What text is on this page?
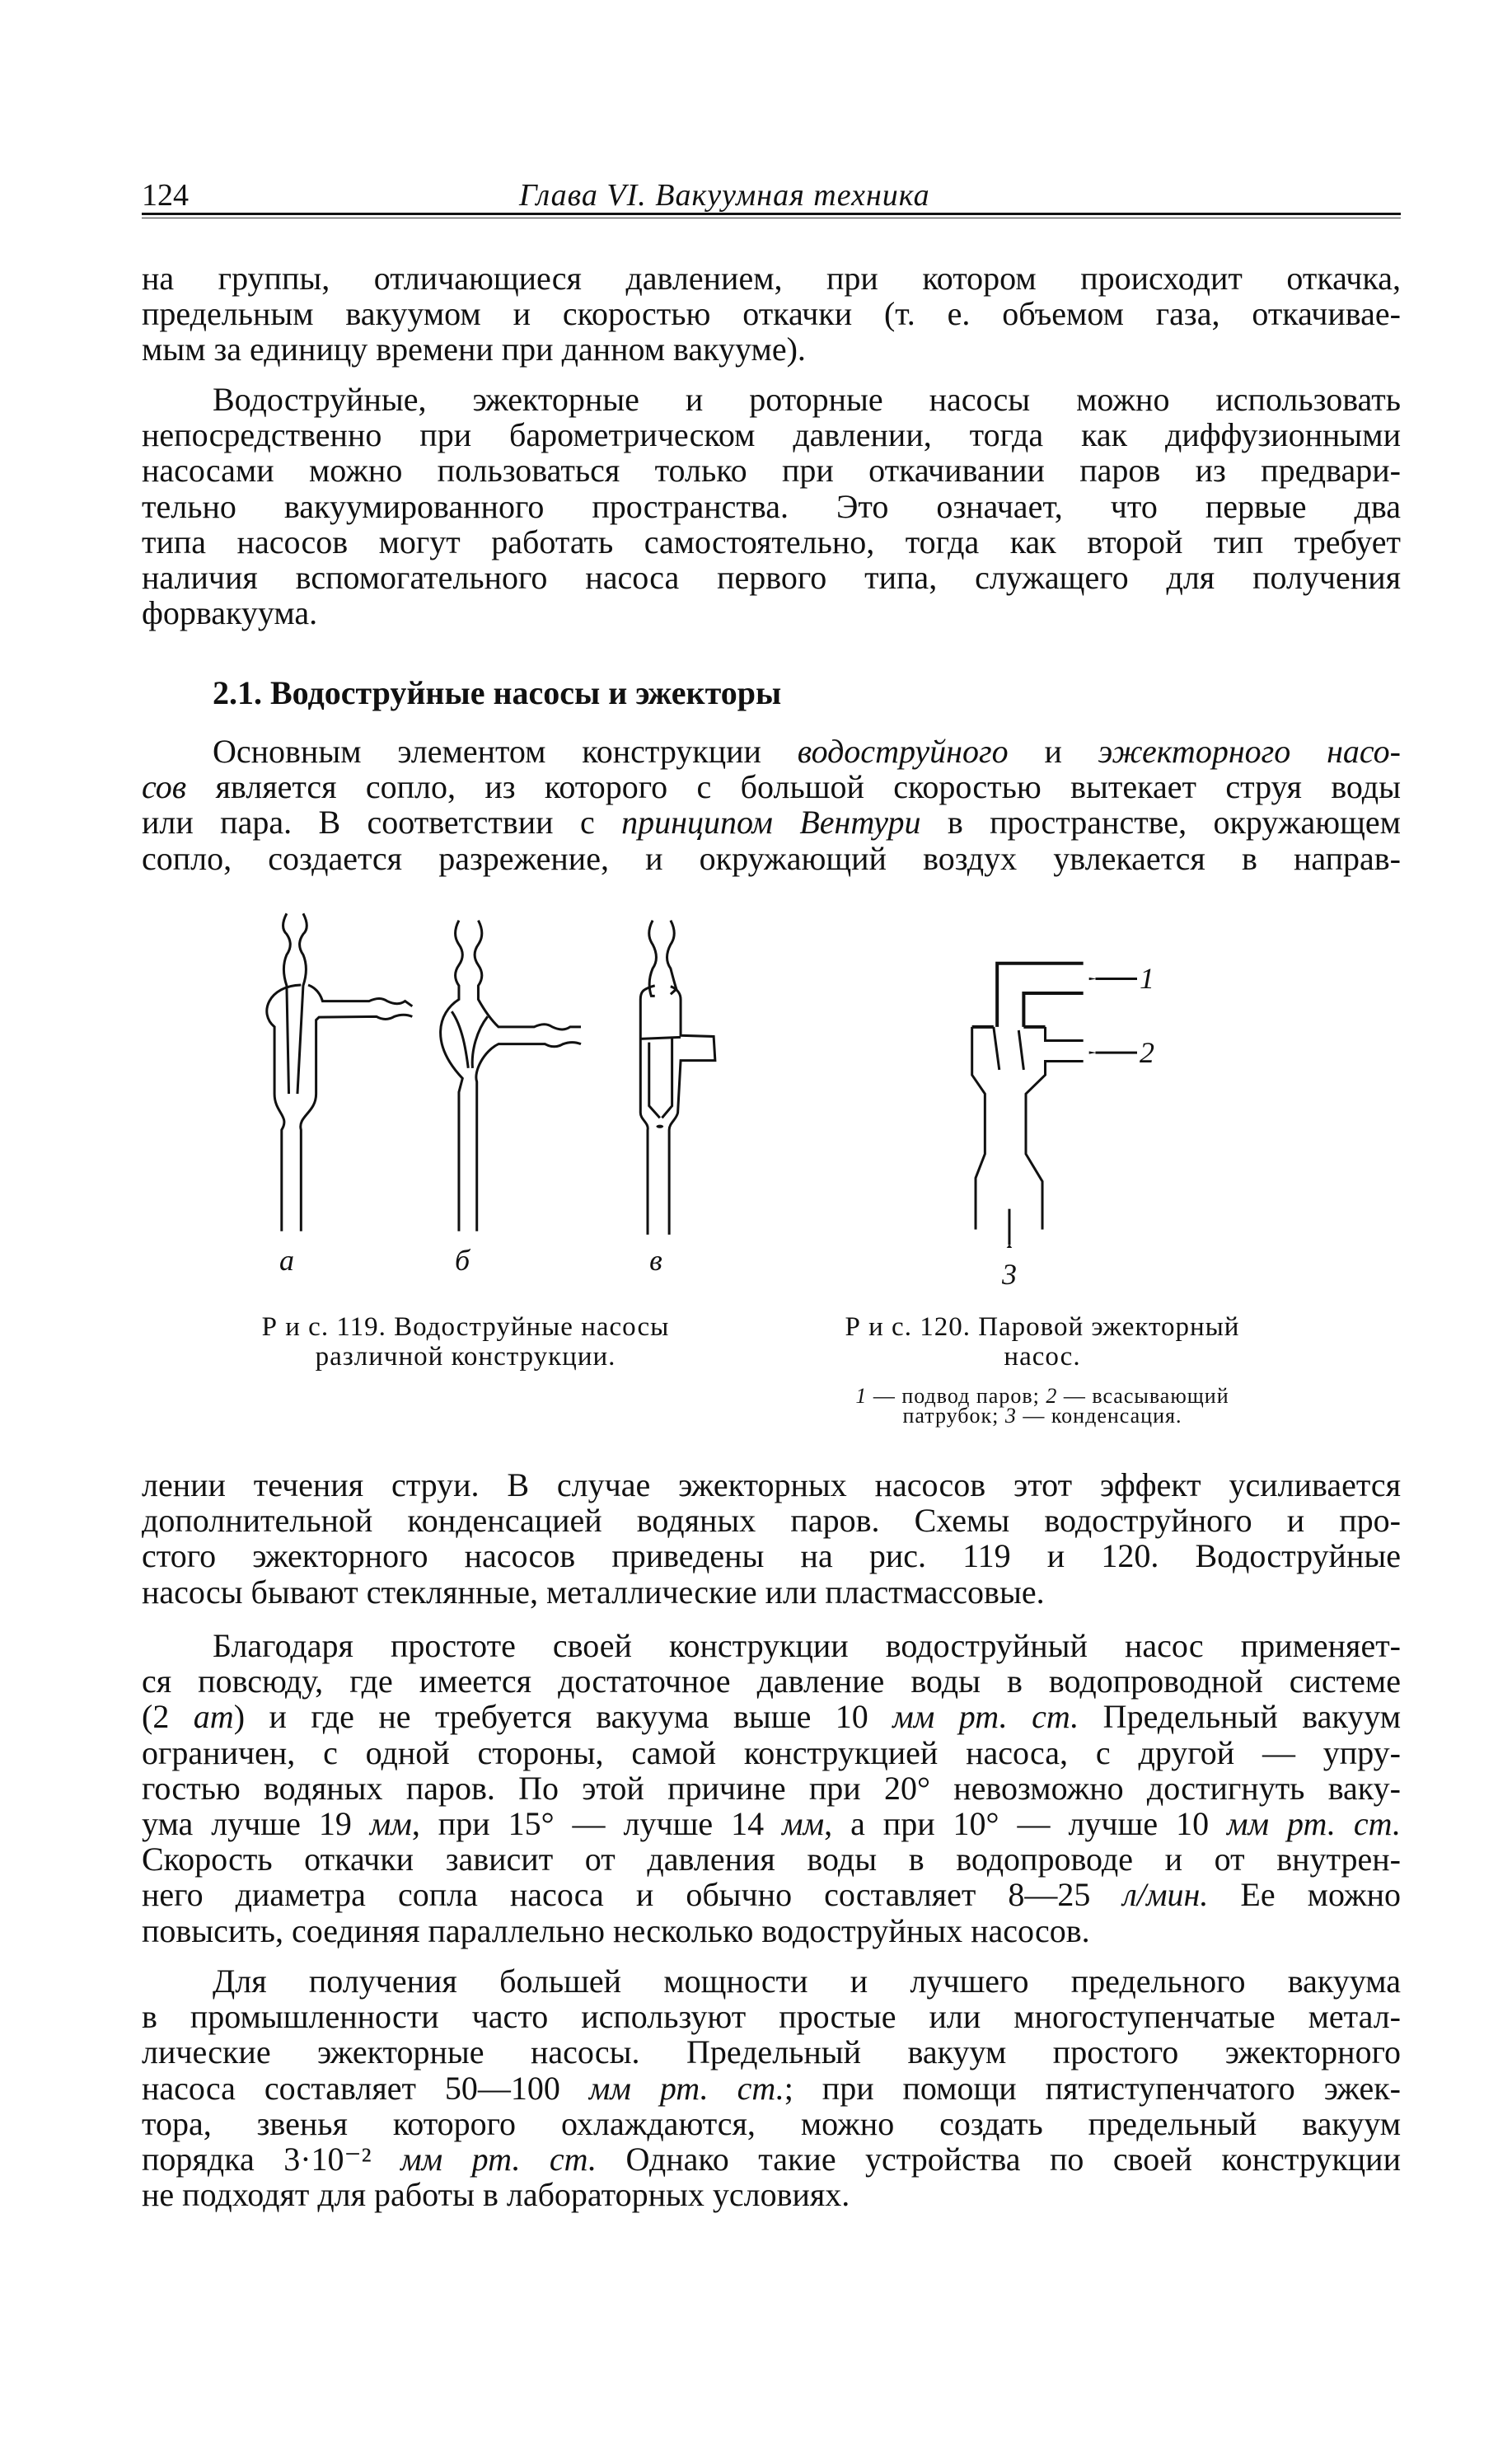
124	Глава VI. Вакуумная техника
на группы, отличающиеся давлением, при котором происходит откачка,
предельным вакуумом и скоростью откачки (т. е. объемом газа, откачивае-
мым за единицу времени при данном вакууме).
Водоструйные, эжекторные и роторные насосы можно использовать
непосредственно при барометрическом давлении, тогда как диффузионными
насосами можно пользоваться только при откачивании паров из предвари-
тельно вакуумированного пространства. Это означает, что первые два
типа насосов могут работать самостоятельно, тогда как второй тип требует
наличия вспомогательного насоса первого типа, служащего для получения
форвакуума.
2.1. Водоструйные насосы и эжекторы
Основным элементом конструкции водоструйного и эжекторного насо-
сов является сопло, из которого с большой скоростью вытекает струя воды
или пара. В соответствии с принципом Вентури в пространстве, окружающем
сопло, создается разрежение, и окружающий воздух увлекается в направ-
лении течения струи. В случае эжекторных насосов этот эффект усиливается
дополнительной конденсацией водяных паров. Схемы водоструйного и про-
стого эжекторного насосов приведены на рис. 119 и 120. Водоструйные
насосы бывают стеклянные, металлические или пластмассовые.
Благодаря простоте своей конструкции водоструйный насос применяет-
ся повсюду, где имеется достаточное давление воды в водопроводной системе
(2 ат) и где не требуется вакуума выше 10 мм рт. ст. Предельный вакуум
ограничен, с одной стороны, самой конструкцией насоса, с другой — упру-
гостью водяных паров. По этой причине при 20° невозможно достигнуть ваку-
ума лучше 19 мм, при 15° — лучше 14 мм, а при 10° — лучше 10 мм рт. ст.
Скорость откачки зависит от давления воды в водопроводе и от внутрен-
него диаметра сопла насоса и обычно составляет 8—25 л/мин. Ее можно
повысить, соединяя параллельно несколько водоструйных насосов.
Для получения большей мощности и лучшего предельного вакуума
в промышленности часто используют простые или многоступенчатые метал-
лические эжекторные насосы. Предельный вакуум простого эжекторного
насоса составляет 50—100 мм рт. ст.; при помощи пятиступенчатого эжек-
тора, звенья которого охлаждаются, можно создать предельный вакуум
порядка 3·10⁻² мм рт. ст. Однако такие устройства по своей конструкции
не подходят для работы в лабораторных условиях.
а	б	в
1
2
3
Р и с. 119. Водоструйные насосы
различной конструкции.
Р и с. 120. Паровой эжекторный
насос.
1 — подвод паров; 2 — всасывающий
патрубок; 3 — конденсация.
